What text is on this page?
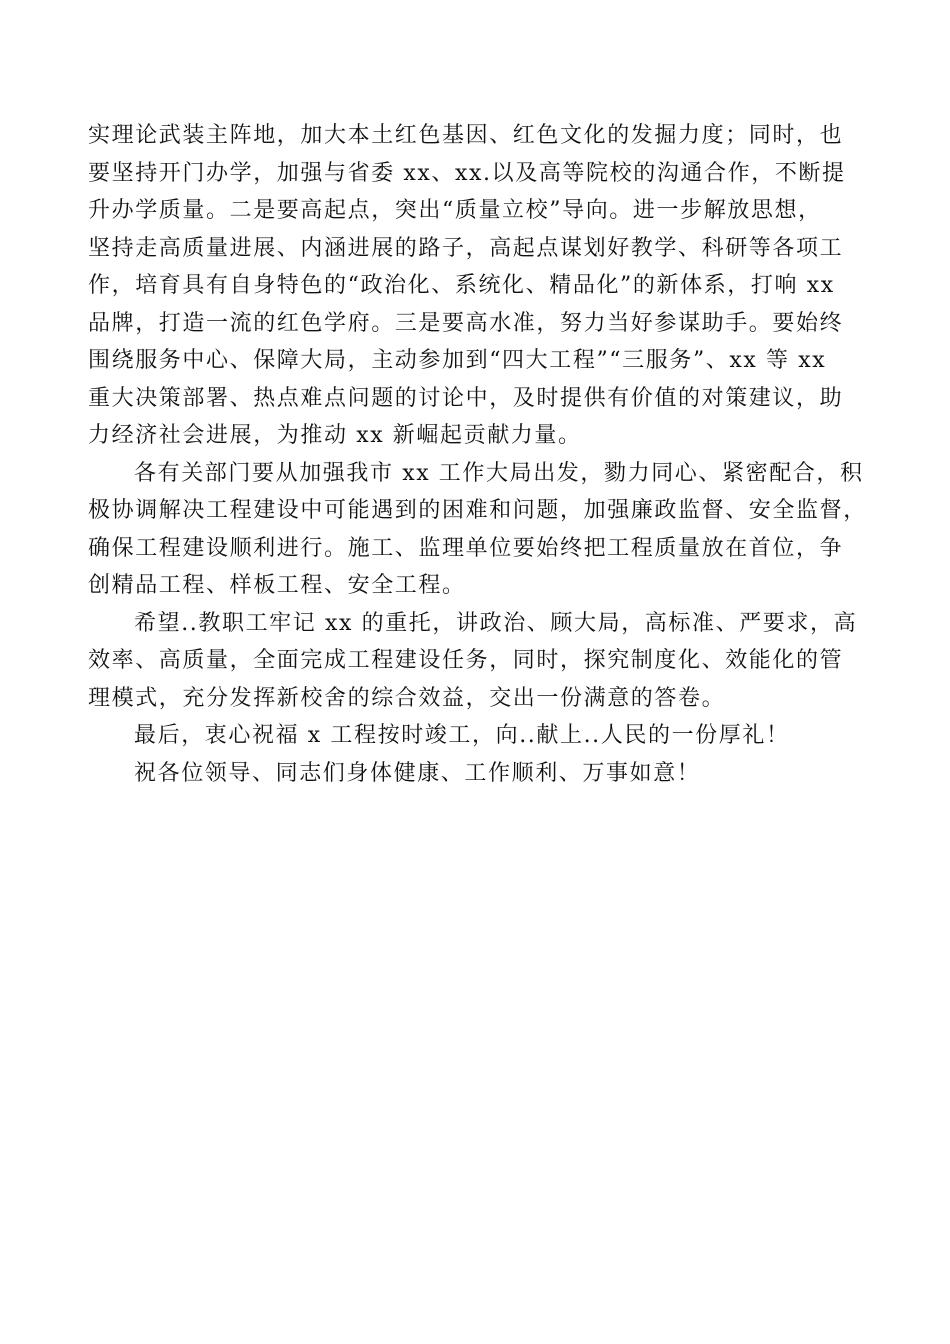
实理论武装主阵地，加大本土红色基因、红色文化的发掘力度；同时，也
要坚持开门办学，加强与省委 xx、xx.以及高等院校的沟通合作，不断提
升办学质量。二是要高起点，突出“质量立校”导向。进一步解放思想，
坚持走高质量进展、内涵进展的路子，高起点谋划好教学、科研等各项工
作，培育具有自身特色的“政治化、系统化、精品化”的新体系，打响 xx
品牌，打造一流的红色学府。三是要高水准，努力当好参谋助手。要始终
围绕服务中心、保障大局，主动参加到“四大工程”“三服务”、xx 等 xx
重大决策部署、热点难点问题的讨论中，及时提供有价值的对策建议，助
力经济社会进展，为推动 xx 新崛起贡献力量。
各有关部门要从加强我市 xx 工作大局出发，勠力同心、紧密配合，积
极协调解决工程建设中可能遇到的困难和问题，加强廉政监督、安全监督，
确保工程建设顺利进行。施工、监理单位要始终把工程质量放在首位，争
创精品工程、样板工程、安全工程。
希望..教职工牢记 xx 的重托，讲政治、顾大局，高标准、严要求，高
效率、高质量，全面完成工程建设任务，同时，探究制度化、效能化的管
理模式，充分发挥新校舍的综合效益，交出一份满意的答卷。
最后，衷心祝福 x 工程按时竣工，向..献上..人民的一份厚礼！
祝各位领导、同志们身体健康、工作顺利、万事如意！
